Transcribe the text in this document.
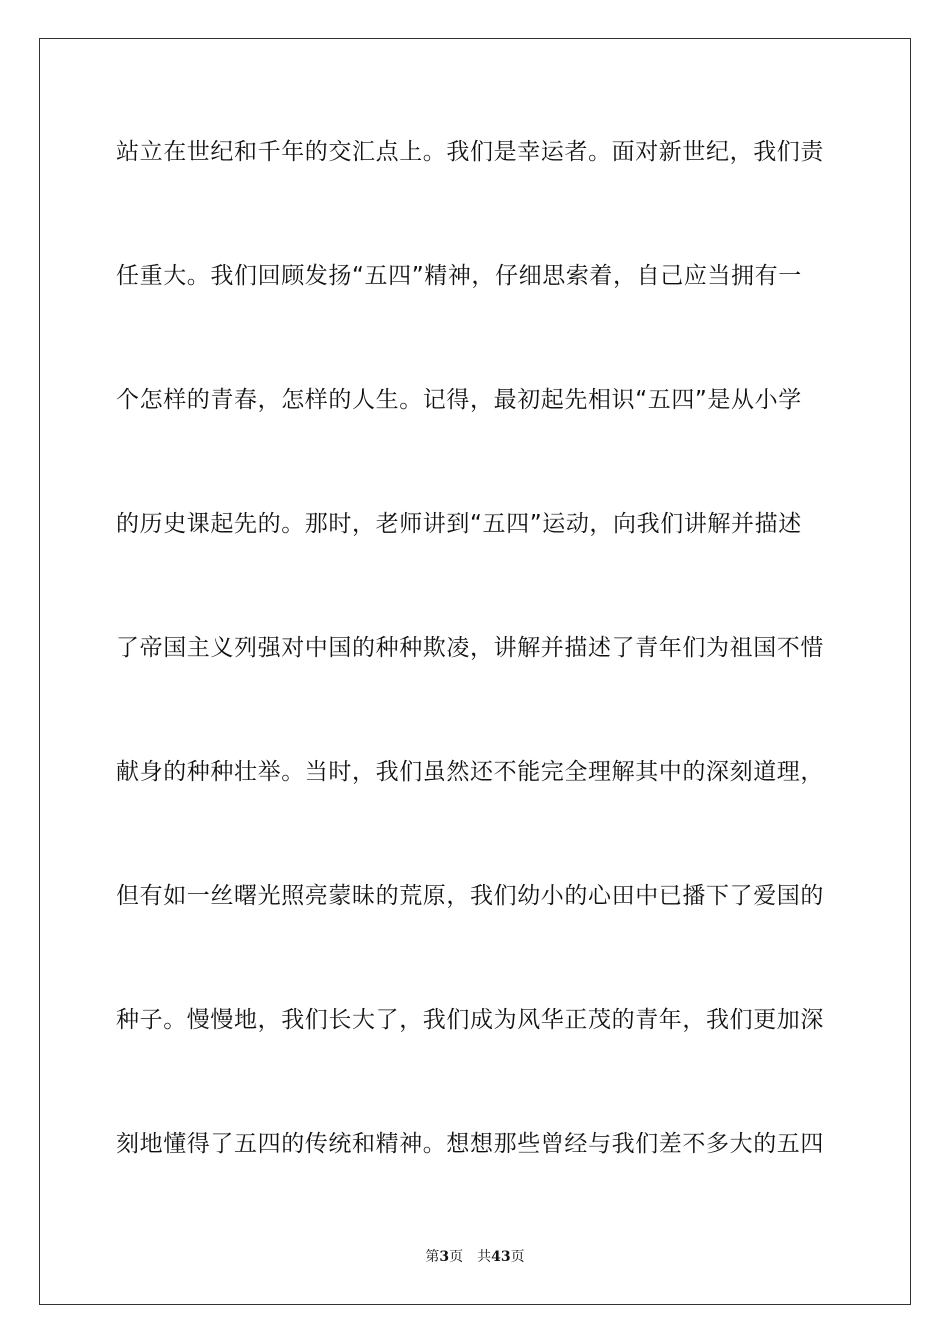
站立在世纪和千年的交汇点上。我们是幸运者。面对新世纪，我们责
任重大。我们回顾发扬“五四”精神，仔细思索着，自己应当拥有一
个怎样的青春，怎样的人生。记得，最初起先相识“五四”是从小学
的历史课起先的。那时，老师讲到“五四”运动，向我们讲解并描述
了帝国主义列强对中国的种种欺凌，讲解并描述了青年们为祖国不惜
献身的种种壮举。当时，我们虽然还不能完全理解其中的深刻道理，
但有如一丝曙光照亮蒙昧的荒原，我们幼小的心田中已播下了爱国的
种子。慢慢地，我们长大了，我们成为风华正茂的青年，我们更加深
刻地懂得了五四的传统和精神。想想那些曾经与我们差不多大的五四
第3页 共43页
